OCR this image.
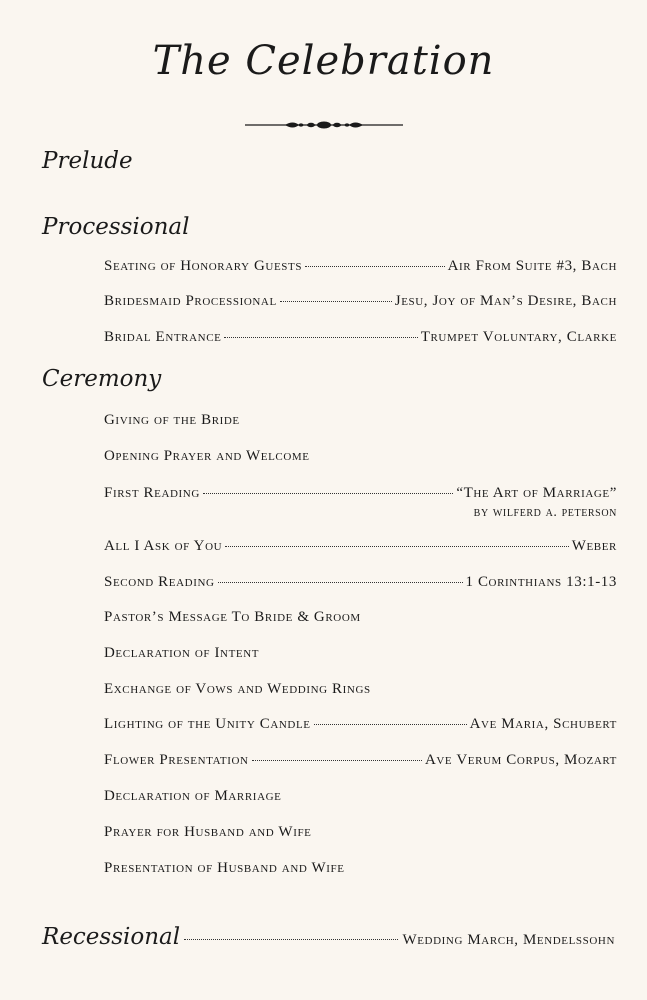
The Celebration
Prelude
Processional
Seating of Honorary Guests	Air From Suite #3, Bach
Bridesmaid Processional	Jesu, Joy of Man’s Desire, Bach
Bridal Entrance	Trumpet Voluntary, Clarke
Ceremony
Giving of the Bride
Opening Prayer and Welcome
First Reading	“The Art of Marriage”
by wilferd a. peterson
All I Ask of You	Weber
Second Reading	1 Corinthians 13:1-13
Pastor’s Message To Bride & Groom
Declaration of Intent
Exchange of Vows and Wedding Rings
Lighting of the Unity Candle	Ave Maria, Schubert
Flower Presentation	Ave Verum Corpus, Mozart
Declaration of Marriage
Prayer for Husband and Wife
Presentation of Husband and Wife
Recessional	Wedding March, Mendelssohn
